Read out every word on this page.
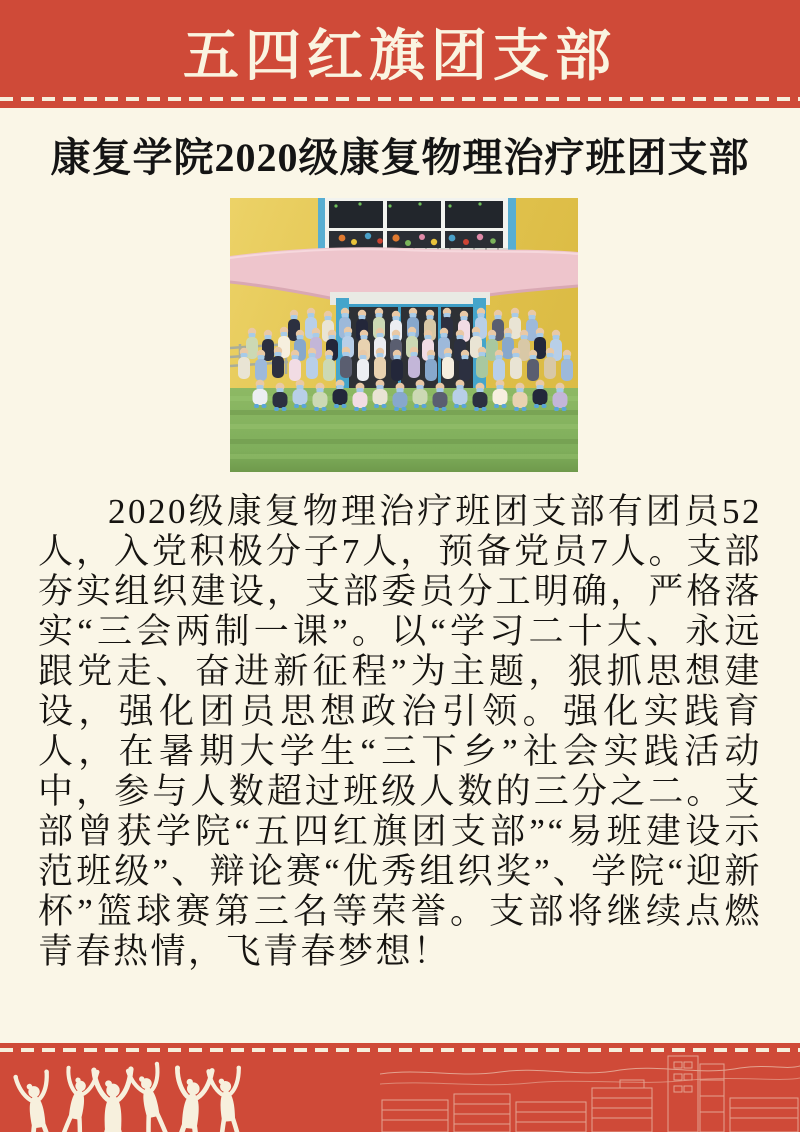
五四红旗团支部
康复学院2020级康复物理治疗班团支部

2020级康复物理治疗班团支部有团员52人，入党积极分子7人，预备党员7人。支部夯实组织建设，支部委员分工明确，严格落实“三会两制一课”。以“学习二十大、永远跟党走、奋进新征程”为主题，狠抓思想建设，强化团员思想政治引领。强化实践育人，在暑期大学生“三下乡”社会实践活动中，参与人数超过班级人数的三分之二。支部曾获学院“五四红旗团支部”“易班建设示范班级”、辩论赛“优秀组织奖”、学院“迎新杯”篮球赛第三名等荣誉。支部将继续点燃青春热情，飞青春梦想！
